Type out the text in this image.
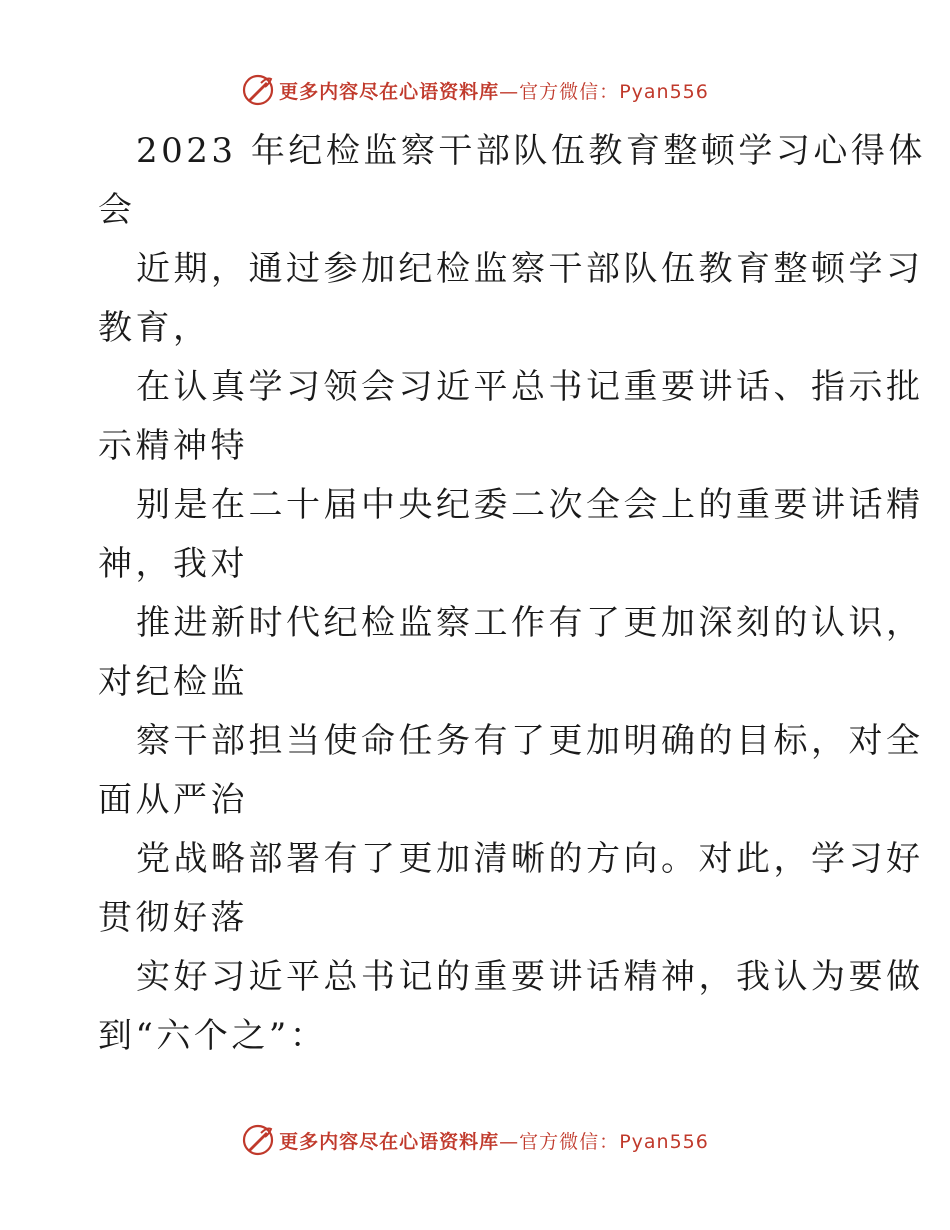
更多内容尽在心语资料库—官方微信：Pyan556
2023 年纪检监察干部队伍教育整顿学习心得体
会
近期，通过参加纪检监察干部队伍教育整顿学习
教育，
在认真学习领会习近平总书记重要讲话、指示批
示精神特
别是在二十届中央纪委二次全会上的重要讲话精
神，我对
推进新时代纪检监察工作有了更加深刻的认识，
对纪检监
察干部担当使命任务有了更加明确的目标，对全
面从严治
党战略部署有了更加清晰的方向。对此，学习好
贯彻好落
实好习近平总书记的重要讲话精神，我认为要做
到“六个之”：
更多内容尽在心语资料库—官方微信：Pyan556
